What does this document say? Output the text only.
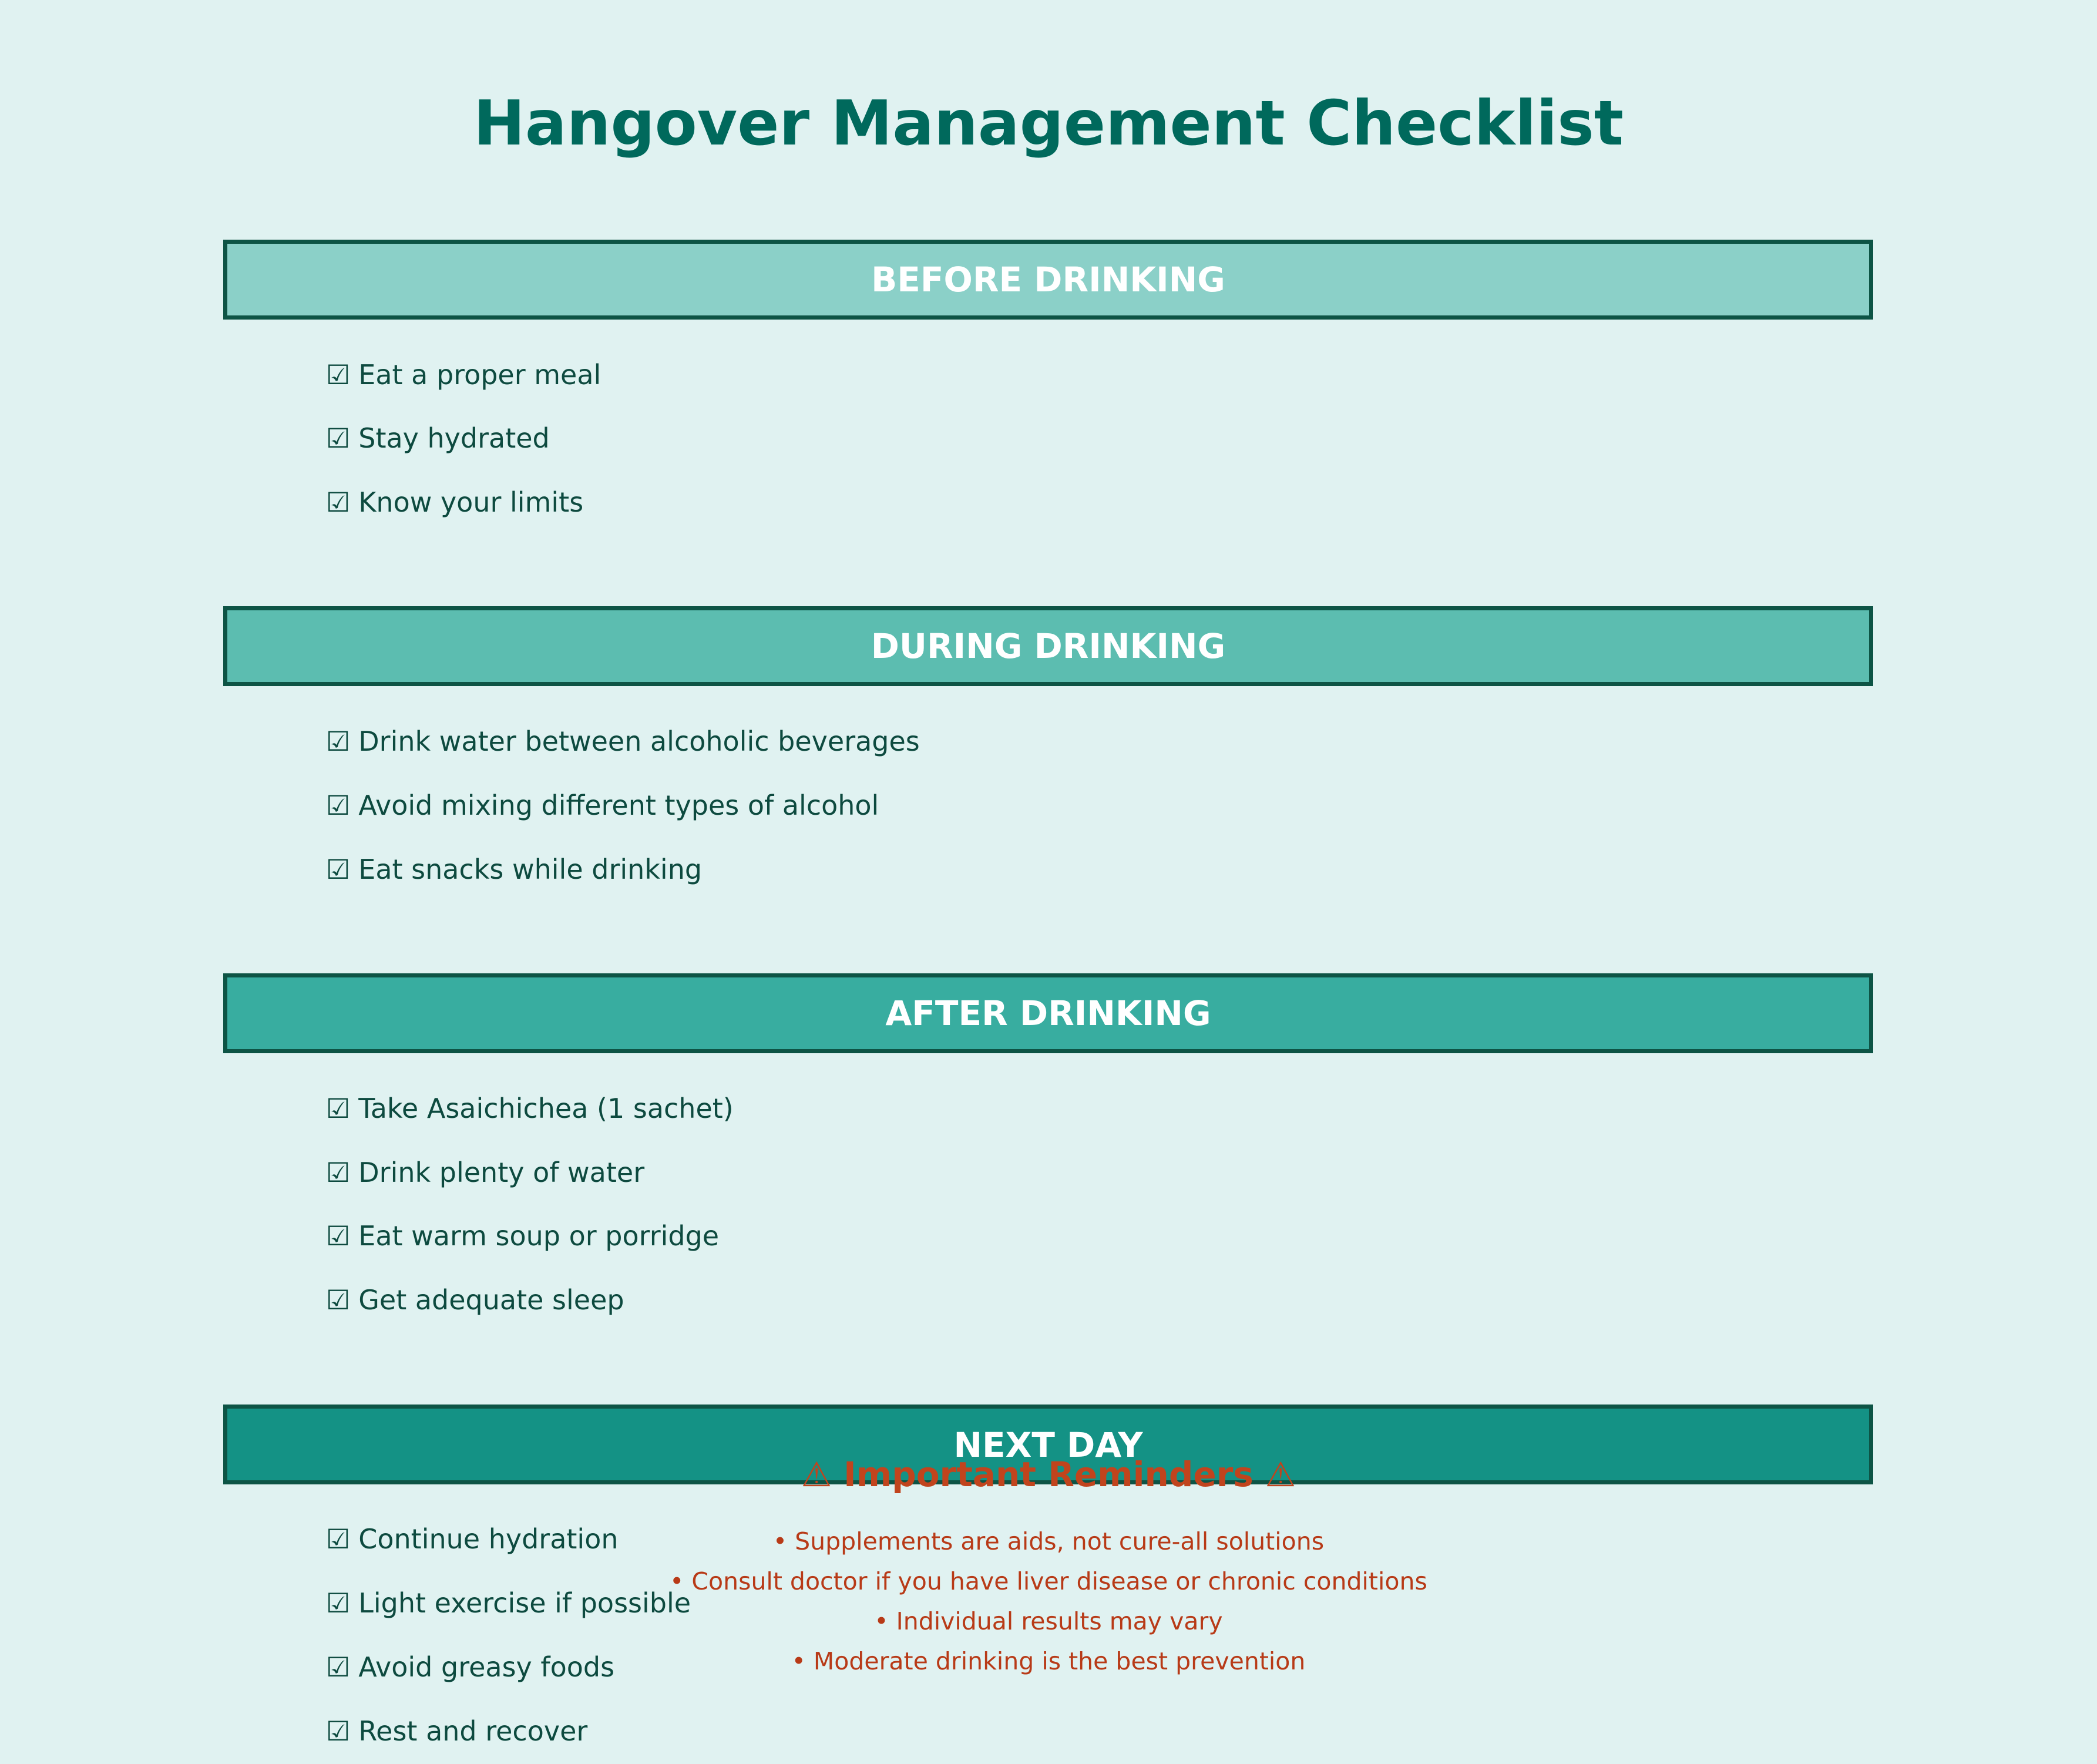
Hangover Management Checklist
BEFORE DRINKING
☑ Eat a proper meal
☑ Stay hydrated
☑ Know your limits
DURING DRINKING
☑ Drink water between alcoholic beverages
☑ Avoid mixing different types of alcohol
☑ Eat snacks while drinking
AFTER DRINKING
☑ Take Asaichichea (1 sachet)
☑ Drink plenty of water
☑ Eat warm soup or porridge
☑ Get adequate sleep
NEXT DAY
☑ Continue hydration
☑ Light exercise if possible
☑ Avoid greasy foods
☑ Rest and recover
⚠ Important Reminders ⚠
• Supplements are aids, not cure-all solutions
• Consult doctor if you have liver disease or chronic conditions
• Individual results may vary
• Moderate drinking is the best prevention
